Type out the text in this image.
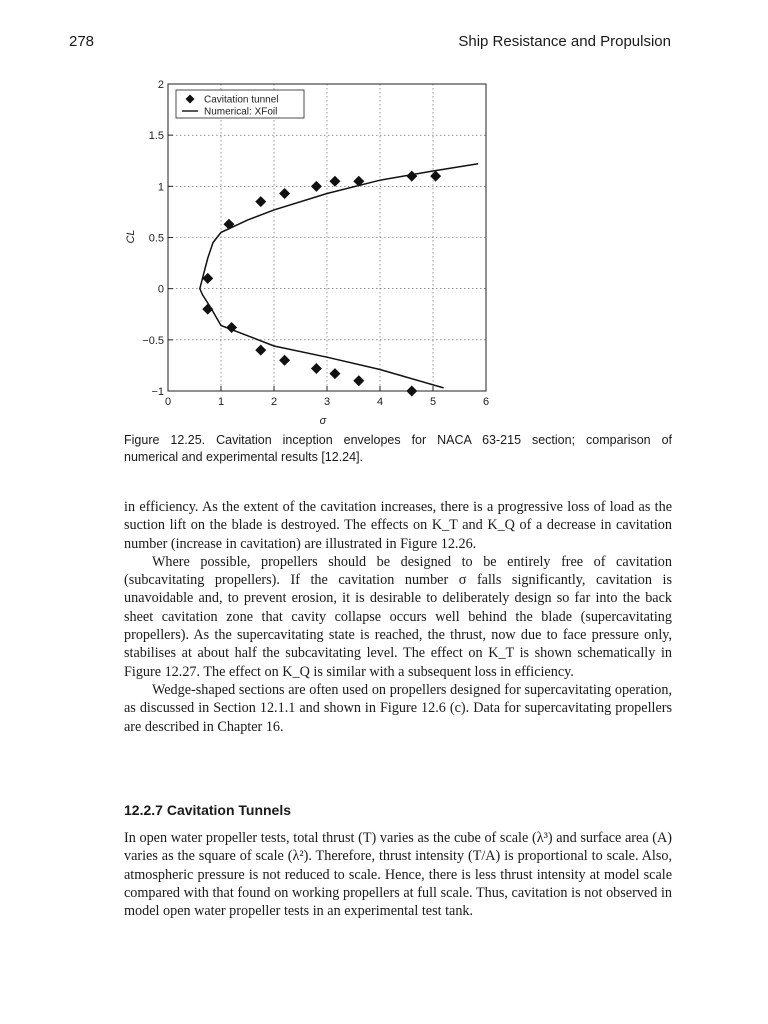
278	Ship Resistance and Propulsion
0	1	2	3	4	5	6
−1
−0.5
0
0.5
1
1.5
2
σ
CL
Cavitation tunnel
Numerical: XFoil
Figure 12.25. Cavitation inception envelopes for NACA 63-215 section; comparison of
numerical and experimental results [12.24].

in efficiency. As the extent of the cavitation increases, there is a progressive loss of load as the suction lift on the blade is destroyed. The effects on K_T and K_Q of a decrease in cavitation number (increase in cavitation) are illustrated in Figure 12.26.

Where possible, propellers should be designed to be entirely free of cavitation (subcavitating propellers). If the cavitation number σ falls significantly, cavitation is unavoidable and, to prevent erosion, it is desirable to deliberately design so far into the back sheet cavitation zone that cavity collapse occurs well behind the blade (supercavitating propellers). As the supercavitating state is reached, the thrust, now due to face pressure only, stabilises at about half the subcavitating level. The effect on K_T is shown schematically in Figure 12.27. The effect on K_Q is similar with a subsequent loss in efficiency.

Wedge-shaped sections are often used on propellers designed for supercavitating operation, as discussed in Section 12.1.1 and shown in Figure 12.6 (c). Data for supercavitating propellers are described in Chapter 16.

12.2.7 Cavitation Tunnels

In open water propeller tests, total thrust (T) varies as the cube of scale (λ³) and surface area (A) varies as the square of scale (λ²). Therefore, thrust intensity (T/A) is proportional to scale. Also, atmospheric pressure is not reduced to scale. Hence, there is less thrust intensity at model scale compared with that found on working propellers at full scale. Thus, cavitation is not observed in model open water propeller tests in an experimental test tank.
